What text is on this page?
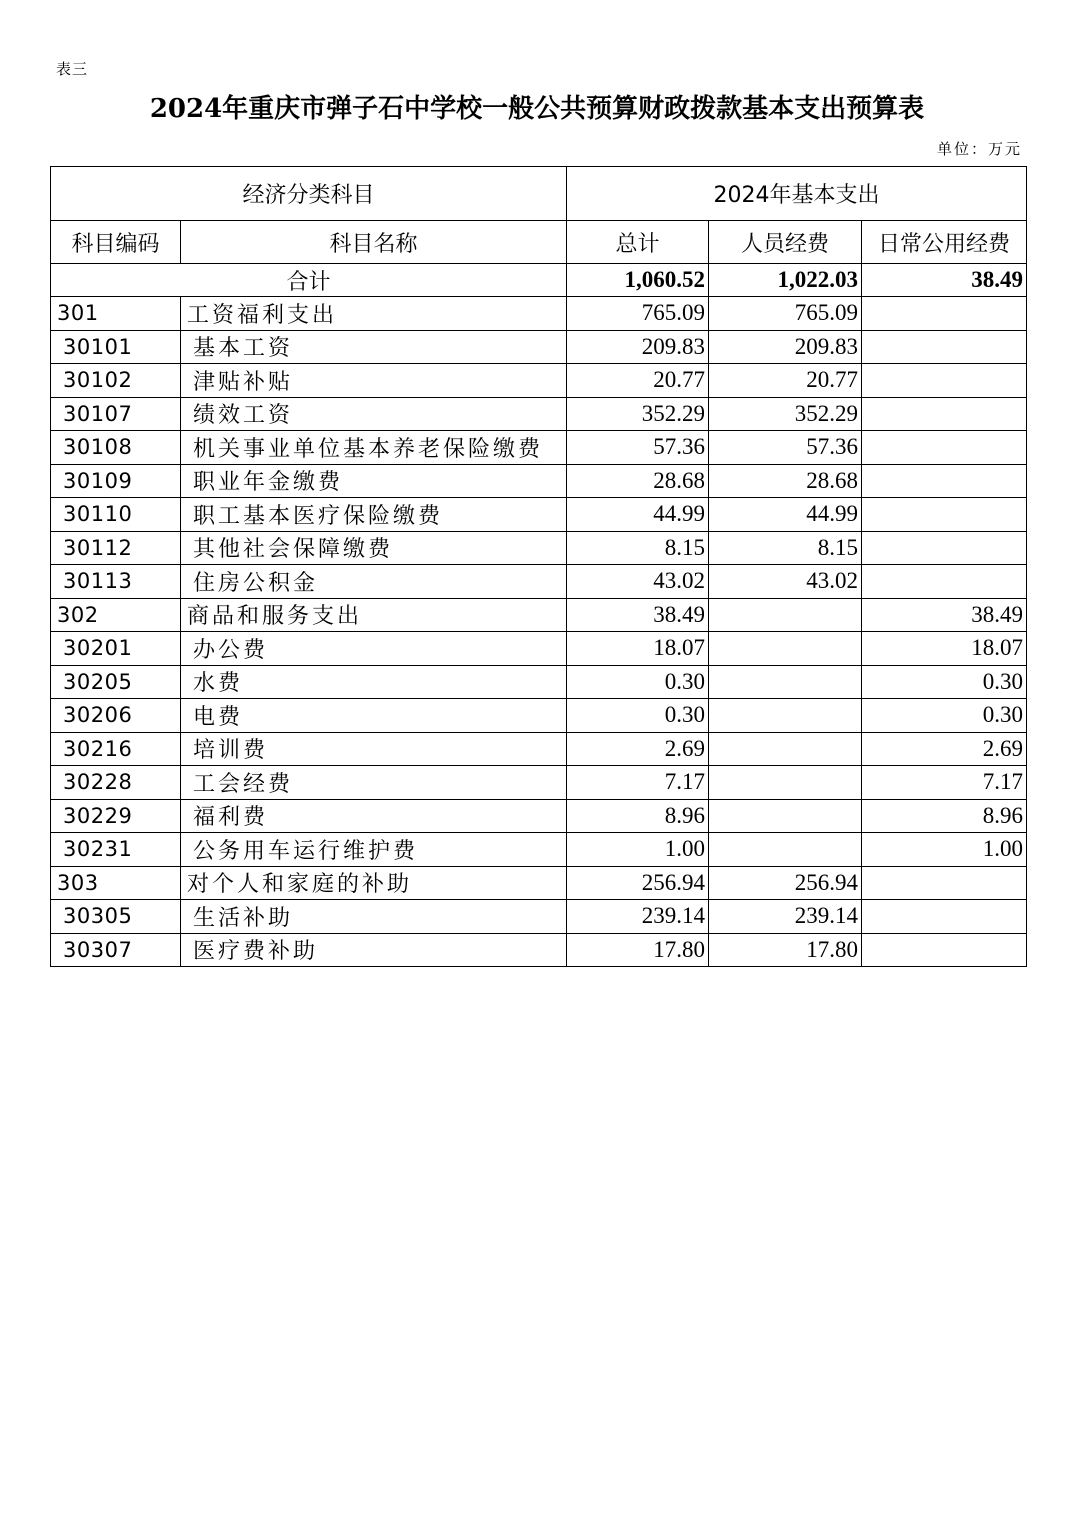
表三
2024年重庆市弹子石中学校一般公共预算财政拨款基本支出预算表
单位：万元
经济分类科目		2024年基本支出		
科目编码	科目名称	总计	人员经费	日常公用经费
合计		1,060.52	1,022.03	38.49
301	工资福利支出	765.09	765.09	
30101	基本工资	209.83	209.83	
30102	津贴补贴	20.77	20.77	
30107	绩效工资	352.29	352.29	
30108	机关事业单位基本养老保险缴费	57.36	57.36	
30109	职业年金缴费	28.68	28.68	
30110	职工基本医疗保险缴费	44.99	44.99	
30112	其他社会保障缴费	8.15	8.15	
30113	住房公积金	43.02	43.02	
302	商品和服务支出	38.49		38.49
30201	办公费	18.07		18.07
30205	水费	0.30		0.30
30206	电费	0.30		0.30
30216	培训费	2.69		2.69
30228	工会经费	7.17		7.17
30229	福利费	8.96		8.96
30231	公务用车运行维护费	1.00		1.00
303	对个人和家庭的补助	256.94	256.94	
30305	生活补助	239.14	239.14	
30307	医疗费补助	17.80	17.80	
